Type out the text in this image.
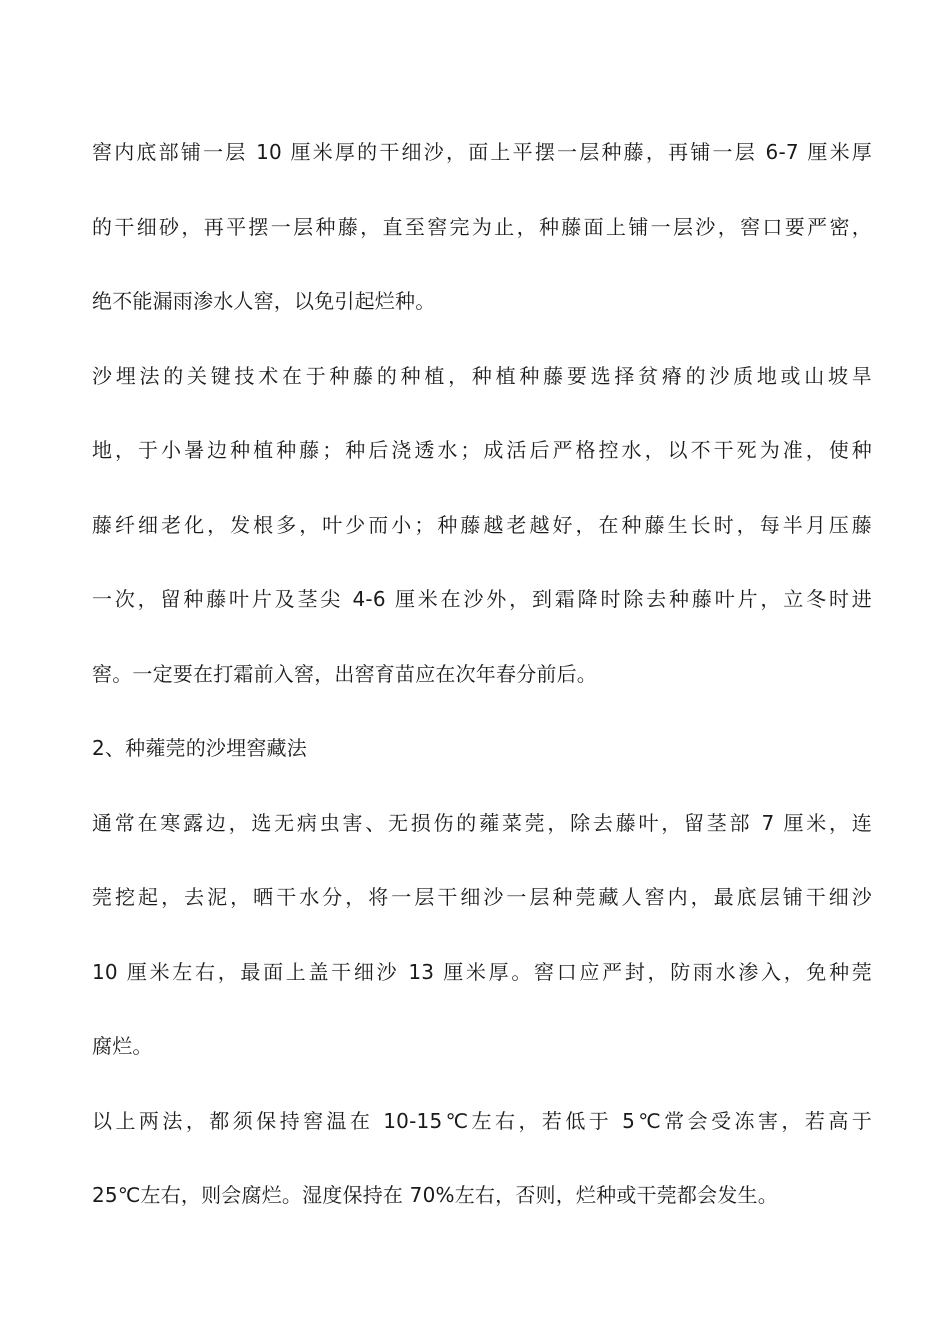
窖内底部铺一层 10 厘米厚的干细沙，面上平摆一层种藤，再铺一层 6-7 厘米厚
的干细砂，再平摆一层种藤，直至窖完为止，种藤面上铺一层沙，窖口要严密，
绝不能漏雨渗水人窖，以免引起烂种。
沙埋法的关键技术在于种藤的种植，种植种藤要选择贫瘠的沙质地或山坡旱
地，于小暑边种植种藤；种后浇透水；成活后严格控水，以不干死为准，使种
藤纤细老化，发根多，叶少而小；种藤越老越好，在种藤生长时，每半月压藤
一次，留种藤叶片及茎尖 4-6 厘米在沙外，到霜降时除去种藤叶片，立冬时进
窖。一定要在打霜前入窖，出窖育苗应在次年春分前后。
2、种蕹莞的沙埋窖藏法
通常在寒露边，选无病虫害、无损伤的蕹菜莞，除去藤叶，留茎部 7 厘米，连
莞挖起，去泥，晒干水分，将一层干细沙一层种莞藏人窖内，最底层铺干细沙
10 厘米左右，最面上盖干细沙 13 厘米厚。窖口应严封，防雨水渗入，免种莞
腐烂。
以上两法，都须保持窖温在 10-15℃左右，若低于 5℃常会受冻害，若高于
25℃左右，则会腐烂。湿度保持在 70%左右，否则，烂种或干莞都会发生。
